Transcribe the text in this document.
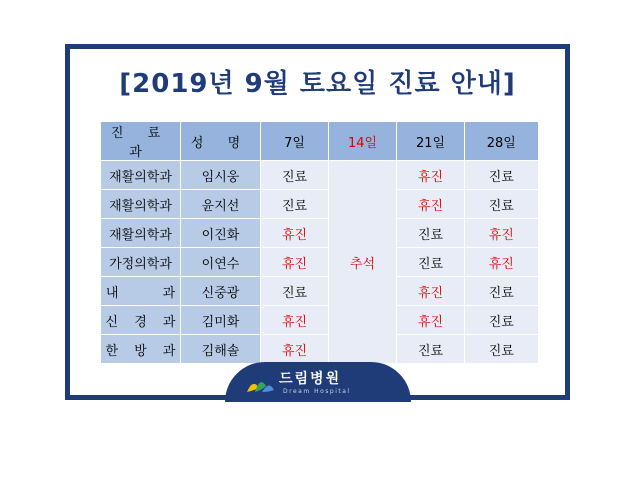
[2019년 9월 토요일 진료 안내]
진 료 과	성 명	7일	14일	21일	28일
재활의학과	임시웅	진료	추석	휴진	진료
재활의학과	윤지선	진료		휴진	진료
재활의학과	이진화	휴진		진료	휴진
가정의학과	이연수	휴진		진료	휴진
내 과	신중광	진료		휴진	진료
신 경 과	김미화	휴진		휴진	진료
한 방 과	김해솔	휴진		진료	진료
드림병원
Dream Hospital
